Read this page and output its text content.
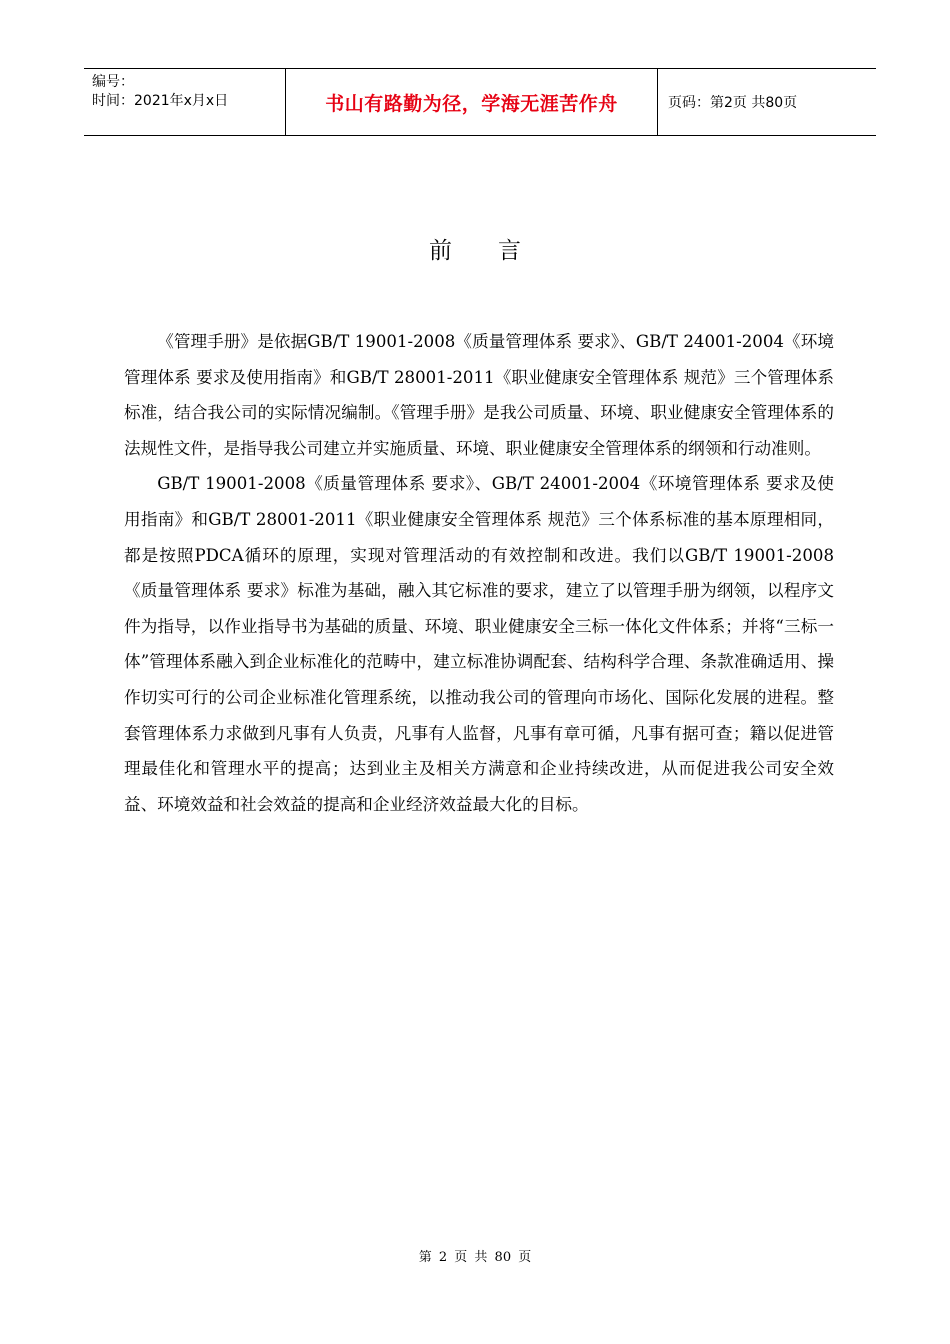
编号：
时间：2021年x月x日	书山有路勤为径，学海无涯苦作舟	页码：第2页 共80页
前言

《管理手册》是依据GB/T 19001-2008《质量管理体系 要求》、GB/T 24001-2004《环境管理体系 要求及使用指南》和GB/T 28001-2011《职业健康安全管理体系 规范》三个管理体系标准，结合我公司的实际情况编制。《管理手册》是我公司质量、环境、职业健康安全管理体系的法规性文件，是指导我公司建立并实施质量、环境、职业健康安全管理体系的纲领和行动准则。

GB/T 19001-2008《质量管理体系 要求》、GB/T 24001-2004《环境管理体系 要求及使用指南》和GB/T 28001-2011《职业健康安全管理体系 规范》三个体系标准的基本原理相同，都是按照PDCA循环的原理，实现对管理活动的有效控制和改进。我们以GB/T 19001-2008《质量管理体系 要求》标准为基础，融入其它标准的要求，建立了以管理手册为纲领，以程序文件为指导，以作业指导书为基础的质量、环境、职业健康安全三标一体化文件体系；并将“三标一体”管理体系融入到企业标准化的范畴中，建立标准协调配套、结构科学合理、条款准确适用、操作切实可行的公司企业标准化管理系统，以推动我公司的管理向市场化、国际化发展的进程。整套管理体系力求做到凡事有人负责，凡事有人监督，凡事有章可循，凡事有据可查；籍以促进管理最佳化和管理水平的提高；达到业主及相关方满意和企业持续改进，从而促进我公司安全效益、环境效益和社会效益的提高和企业经济效益最大化的目标。

第 2 页 共 80 页
